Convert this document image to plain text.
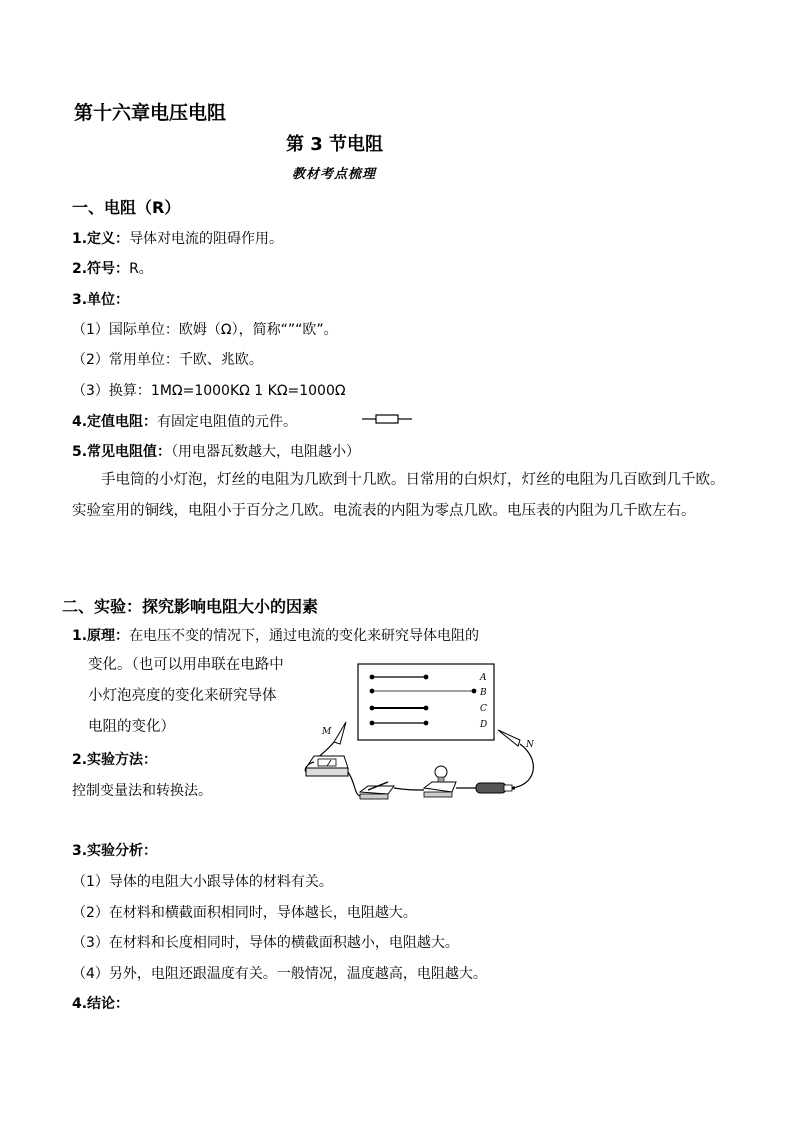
第十六章电压电阻
第 3 节电阻
教材考点梳理
一、电阻（R）
1.定义：导体对电流的阻碍作用。
2.符号：R。
3.单位：
（1）国际单位：欧姆（Ω），简称“”“欧”。
（2）常用单位：千欧、兆欧。
（3）换算：1MΩ=1000KΩ 1 KΩ=1000Ω
4.定值电阻：有固定电阻值的元件。
5.常见电阻值：（用电器瓦数越大，电阻越小）
手电筒的小灯泡，灯丝的电阻为几欧到十几欧。日常用的白炽灯，灯丝的电阻为几百欧到几千欧。实验室用的铜线，电阻小于百分之几欧。电流表的内阻为零点几欧。电压表的内阻为几千欧左右。
二、实验：探究影响电阻大小的因素
1.原理：在电压不变的情况下，通过电流的变化来研究导体电阻的
变化。（也可以用串联在电路中小灯泡亮度的变化来研究导体电阻的变化）
2.实验方法：
控制变量法和转换法。
A
B
C
D
M
N
3.实验分析：
（1）导体的电阻大小跟导体的材料有关。
（2）在材料和横截面积相同时，导体越长，电阻越大。
（3）在材料和长度相同时，导体的横截面积越小，电阻越大。
（4）另外，电阻还跟温度有关。一般情况，温度越高，电阻越大。
4.结论：
